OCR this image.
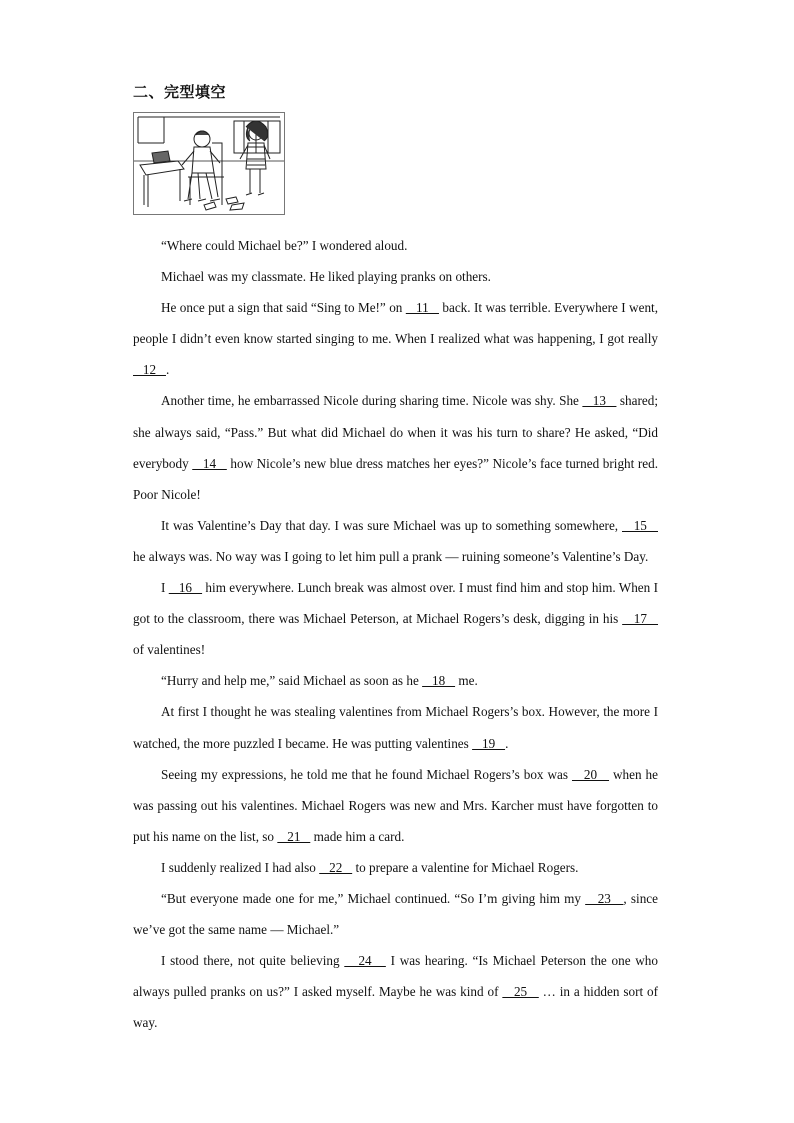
二、完型填空

“Where could Michael be?” I wondered aloud.

Michael was my classmate. He liked playing pranks on others.

He once put a sign that said “Sing to Me!” on    11    back. It was terrible. Everywhere I went, people I didn’t even know started singing to me. When I realized what was happening, I got really    12   .

Another time, he embarrassed Nicole during sharing time. Nicole was shy. She    13    shared; she always said, “Pass.” But what did Michael do when it was his turn to share? He asked, “Did everybody    14    how Nicole’s new blue dress matches her eyes?” Nicole’s face turned bright red. Poor Nicole!

It was Valentine’s Day that day. I was sure Michael was up to something somewhere,    15    he always was. No way was I going to let him pull a prank — ruining someone’s Valentine’s Day.

I    16    him everywhere. Lunch break was almost over. I must find him and stop him. When I got to the classroom, there was Michael Peterson, at Michael Rogers’s desk, digging in his    17    of valentines!

“Hurry and help me,” said Michael as soon as he    18    me.

At first I thought he was stealing valentines from Michael Rogers’s box. However, the more I watched, the more puzzled I became. He was putting valentines    19   .

Seeing my expressions, he told me that he found Michael Rogers’s box was    20    when he was passing out his valentines. Michael Rogers was new and Mrs. Karcher must have forgotten to put his name on the list, so    21    made him a card.

I suddenly realized I had also    22    to prepare a valentine for Michael Rogers.

“But everyone made one for me,” Michael continued. “So I’m giving him my    23   , since we’ve got the same name — Michael.”

I stood there, not quite believing    24    I was hearing. “Is Michael Peterson the one who always pulled pranks on us?” I asked myself. Maybe he was kind of    25    … in a hidden sort of way.
